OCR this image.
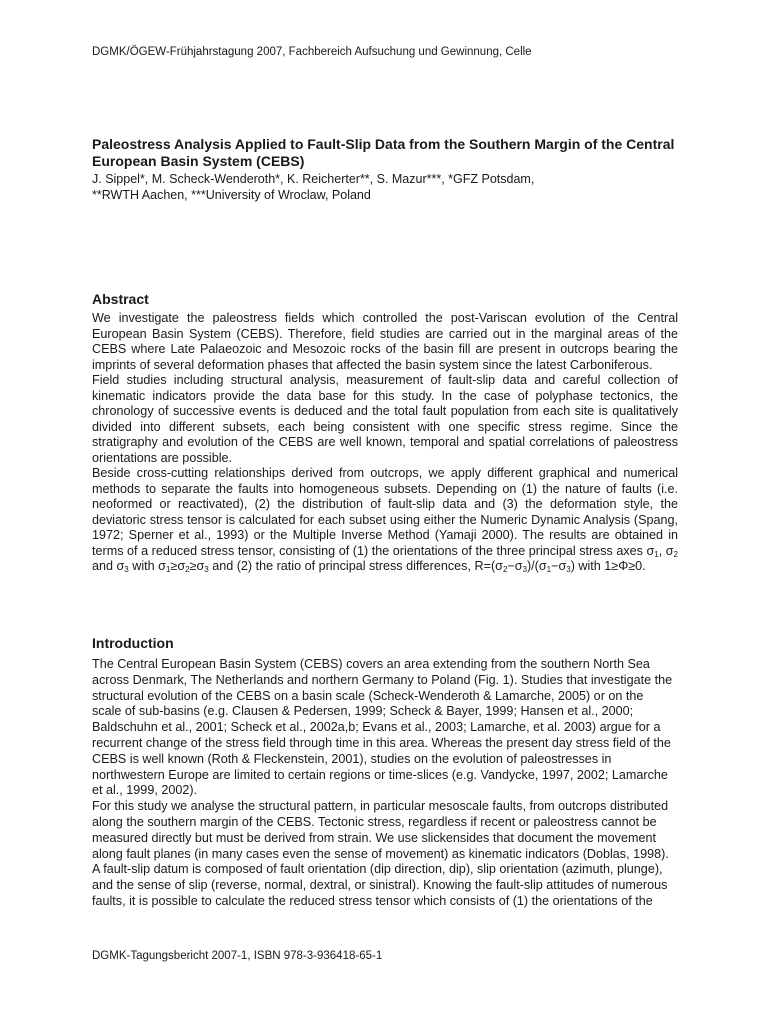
DGMK/ÖGEW-Frühjahrstagung 2007, Fachbereich Aufsuchung und Gewinnung, Celle
Paleostress Analysis Applied to Fault-Slip Data from the Southern Margin of the Central European Basin System (CEBS)
J. Sippel*, M. Scheck-Wenderoth*, K. Reicherter**, S. Mazur***, *GFZ Potsdam,
**RWTH Aachen, ***University of Wroclaw, Poland
Abstract

We investigate the paleostress fields which controlled the post-Variscan evolution of the Central European Basin System (CEBS). Therefore, field studies are carried out in the marginal areas of the CEBS where Late Palaeozoic and Mesozoic rocks of the basin fill are present in outcrops bearing the imprints of several deformation phases that affected the basin system since the latest Carboniferous.

Field studies including structural analysis, measurement of fault-slip data and careful collection of kinematic indicators provide the data base for this study. In the case of polyphase tectonics, the chronology of successive events is deduced and the total fault population from each site is qualitatively divided into different subsets, each being consistent with one specific stress regime. Since the stratigraphy and evolution of the CEBS are well known, temporal and spatial correlations of paleostress orientations are possible.

Beside cross-cutting relationships derived from outcrops, we apply different graphical and numerical methods to separate the faults into homogeneous subsets. Depending on (1) the nature of faults (i.e. neoformed or reactivated), (2) the distribution of fault-slip data and (3) the deformation style, the deviatoric stress tensor is calculated for each subset using either the Numeric Dynamic Analysis (Spang, 1972; Sperner et al., 1993) or the Multiple Inverse Method (Yamaji 2000). The results are obtained in terms of a reduced stress tensor, consisting of (1) the orientations of the three principal stress axes $\sigma_1$, $\sigma_2$ and $\sigma_3$ with $\sigma_1\ge\sigma_2\ge\sigma_3$ and (2) the ratio of principal stress differences, $R=(\sigma_2-\sigma_3)/(\sigma_1-\sigma_3)$ with 1≥Φ≥0.

Introduction

The Central European Basin System (CEBS) covers an area extending from the southern North Sea across Denmark, The Netherlands and northern Germany to Poland (Fig. 1). Studies that investigate the structural evolution of the CEBS on a basin scale (Scheck-Wenderoth & Lamarche, 2005) or on the scale of sub-basins (e.g. Clausen & Pedersen, 1999; Scheck & Bayer, 1999; Hansen et al., 2000; Baldschuhn et al., 2001; Scheck et al., 2002a,b; Evans et al., 2003; Lamarche, et al. 2003) argue for a recurrent change of the stress field through time in this area. Whereas the present day stress field of the CEBS is well known (Roth & Fleckenstein, 2001), studies on the evolution of paleostresses in northwestern Europe are limited to certain regions or time-slices (e.g. Vandycke, 1997, 2002; Lamarche et al., 1999, 2002).

For this study we analyse the structural pattern, in particular mesoscale faults, from outcrops distributed along the southern margin of the CEBS. Tectonic stress, regardless if recent or paleostress cannot be measured directly but must be derived from strain. We use slickensides that document the movement along fault planes (in many cases even the sense of movement) as kinematic indicators (Doblas, 1998). A fault-slip datum is composed of fault orientation (dip direction, dip), slip orientation (azimuth, plunge), and the sense of slip (reverse, normal, dextral, or sinistral). Knowing the fault-slip attitudes of numerous faults, it is possible to calculate the reduced stress tensor which consists of (1) the orientations of the

DGMK-Tagungsbericht 2007-1, ISBN 978-3-936418-65-1
